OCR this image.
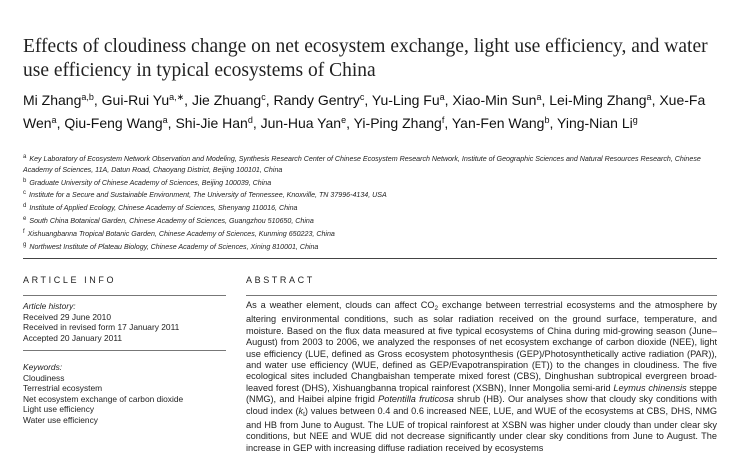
Effects of cloudiness change on net ecosystem exchange, light use efficiency, and water use efficiency in typical ecosystems of China
Mi Zhang$^{a,b}$, Gui-Rui $Yu^{a,∗}$, Jie Zhuang$^c$, Randy Gentry$^c$, Yu-Ling Fu$^a$, Xiao-Min Sun$^a$, Lei-Ming Zhang$^a$, Xue-Fa Wen$^a$, Qiu-Feng Wang$^a$, Shi-Jie Han$^d$, Jun-Hua Yan$^e$, Yi-Ping Zhang$^f$, Yan-Fen Wang$^b$, Ying-Nian Li$^g$
$^a$ Key Laboratory of Ecosystem Network Observation and Modeling, Synthesis Research Center of Chinese Ecosystem Research Network, Institute of Geographic Sciences and Natural Resources Research, Chinese Academy of Sciences, 11A, Datun Road, Chaoyang District, Beijing 100101, China
$^b$ Graduate University of Chinese Academy of Sciences, Beijing 100039, China
$^c$ Institute for a Secure and Sustainable Environment, The University of Tennessee, Knoxville, TN 37996-4134, USA
$^d$ Institute of Applied Ecology, Chinese Academy of Sciences, Shenyang 110016, China
$^e$ South China Botanical Garden, Chinese Academy of Sciences, Guangzhou 510650, China
$^f$ Xishuangbanna Tropical Botanic Garden, Chinese Academy of Sciences, Kunming 650223, China
$^g$ Northwest Institute of Plateau Biology, Chinese Academy of Sciences, Xining 810001, China
ARTICLE INFO	ABSTRACT
Article history:
Received 29 June 2010
Received in revised form 17 January 2011
Accepted 20 January 2011
Keywords:
Cloudiness
Terrestrial ecosystem
Net ecosystem exchange of carbon dioxide
Light use efficiency
Water use efficiency
As a weather element, clouds can affect $CO_2$ exchange between terrestrial ecosystems and the atmosphere by altering environmental conditions, such as solar radiation received on the ground surface, temperature, and moisture. Based on the flux data measured at five typical ecosystems of China during mid-growing season (June–August) from 2003 to 2006, we analyzed the responses of net ecosystem exchange of carbon dioxide (NEE), light use efficiency (LUE, defined as Gross ecosystem photosynthesis (GEP)/Photosynthetically active radiation (PAR)), and water use efficiency (WUE, defined as GEP/Evapotranspiration (ET)) to the changes in cloudiness. The five ecological sites included Changbaishan temperate mixed forest (CBS), Dinghushan subtropical evergreen broad-leaved forest (DHS), Xishuangbanna tropical rainforest (XSBN), Inner Mongolia semi-arid Leymus chinensis steppe (NMG), and Haibei alpine frigid Potentilla fruticosa shrub (HB). Our analyses show that cloudy sky conditions with cloud index $(k_t)$ values between 0.4 and 0.6 increased NEE, LUE, and WUE of the ecosystems at CBS, DHS, NMG and HB from June to August. The LUE of tropical rainforest at XSBN was higher under cloudy than under clear sky conditions, but NEE and WUE did not decrease significantly under clear sky conditions from June to August. The increase in GEP with increasing diffuse radiation received by ecosystems
